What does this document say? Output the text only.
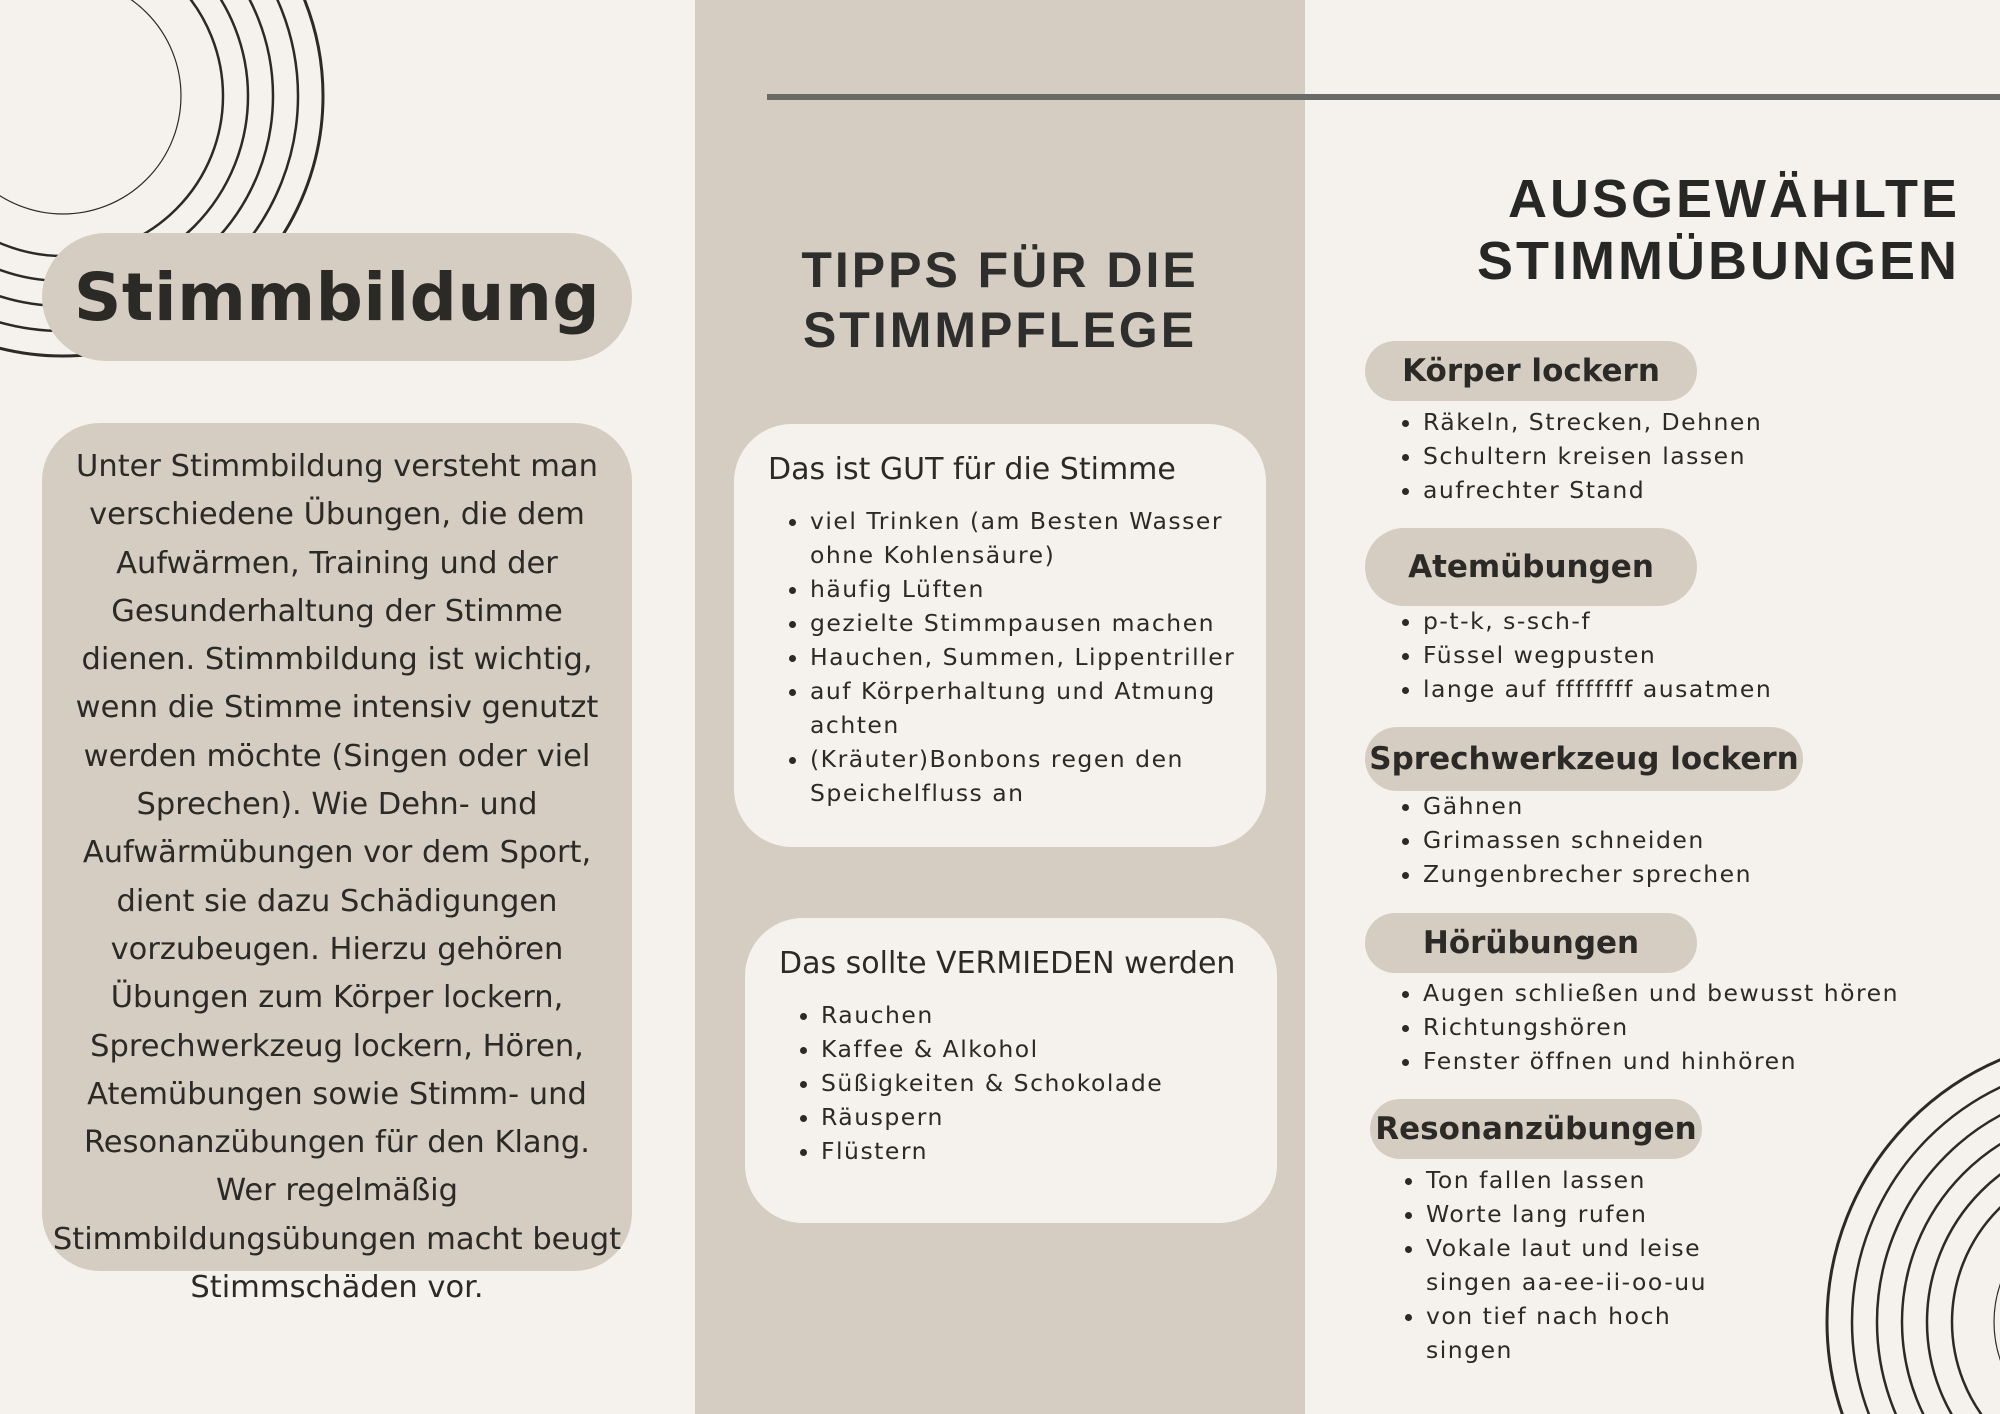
Stimmbildung

Unter Stimmbildung versteht man verschiedene Übungen, die dem Aufwärmen, Training und der Gesunderhaltung der Stimme dienen. Stimmbildung ist wichtig, wenn die Stimme intensiv genutzt werden möchte (Singen oder viel Sprechen). Wie Dehn- und Aufwärmübungen vor dem Sport, dient sie dazu Schädigungen vorzubeugen. Hierzu gehören Übungen zum Körper lockern, Sprechwerkzeug lockern, Hören, Atemübungen sowie Stimm- und Resonanzübungen für den Klang. Wer regelmäßig Stimmbildungsübungen macht beugt Stimmschäden vor.

TIPPS FÜR DIE
STIMMPFLEGE
Das ist GUT für die Stimme
• viel Trinken (am Besten Wasser ohne Kohlensäure)
• häufig Lüften
• gezielte Stimmpausen machen
• Hauchen, Summen, Lippentriller
• auf Körperhaltung und Atmung achten
• (Kräuter)Bonbons regen den Speichelfluss an
Das sollte VERMIEDEN werden
• Rauchen
• Kaffee & Alkohol
• Süßigkeiten & Schokolade
• Räuspern
• Flüstern
AUSGEWÄHLTE
STIMMÜBUNGEN
Körper lockern
• Räkeln, Strecken, Dehnen
• Schultern kreisen lassen
• aufrechter Stand
Atemübungen
• p-t-k, s-sch-f
• Füssel wegpusten
• lange auf ffffffff ausatmen
Sprechwerkzeug lockern
• Gähnen
• Grimassen schneiden
• Zungenbrecher sprechen
Hörübungen
• Augen schließen und bewusst hören
• Richtungshören
• Fenster öffnen und hinhören
Resonanzübungen
• Ton fallen lassen
• Worte lang rufen
• Vokale laut und leise singen aa-ee-ii-oo-uu
• von tief nach hoch singen
